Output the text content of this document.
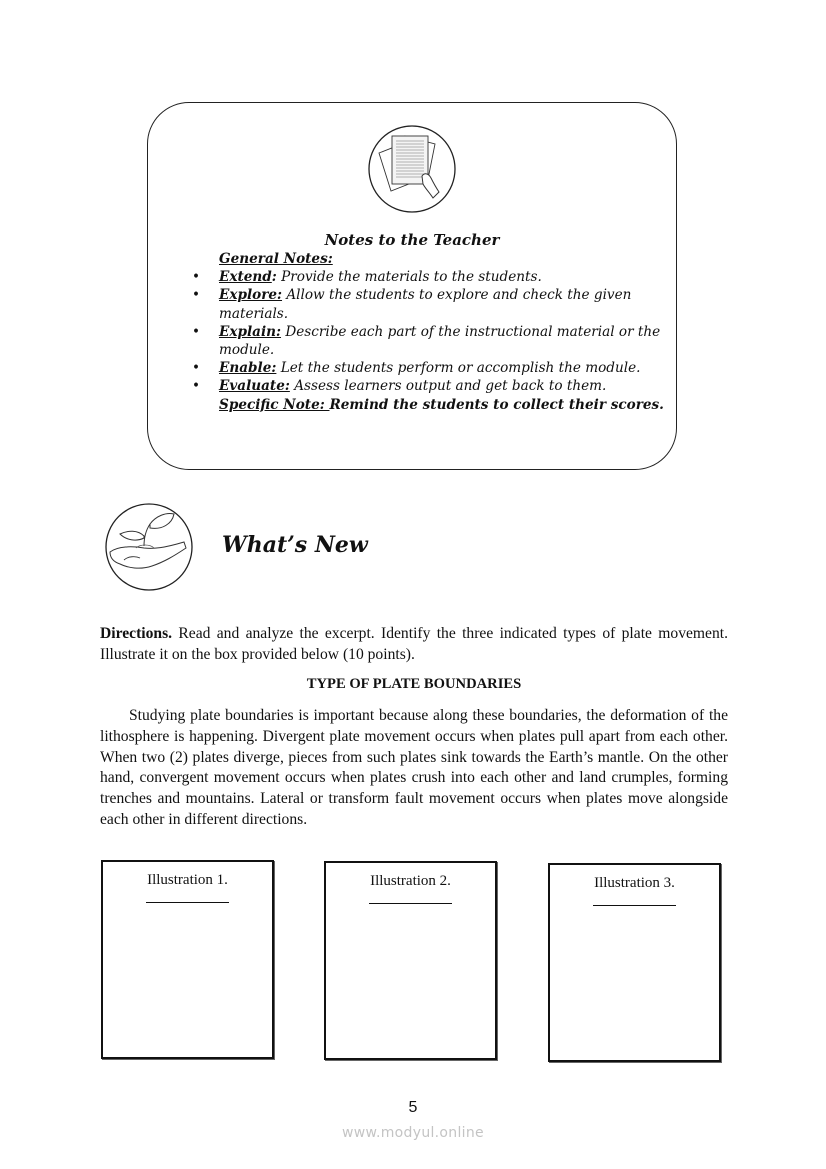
Notes to the Teacher
General Notes:
• Extend: Provide the materials to the students.
• Explore: Allow the students to explore and check the given materials.
• Explain: Describe each part of the instructional material or the module.
• Enable: Let the students perform or accomplish the module.
• Evaluate: Assess learners output and get back to them.
Specific Note: Remind the students to collect their scores.
What’s New
Directions. Read and analyze the excerpt. Identify the three indicated types of plate movement. Illustrate it on the box provided below (10 points).
TYPE OF PLATE BOUNDARIES
Studying plate boundaries is important because along these boundaries, the deformation of the lithosphere is happening. Divergent plate movement occurs when plates pull apart from each other. When two (2) plates diverge, pieces from such plates sink towards the Earth’s mantle. On the other hand, convergent movement occurs when plates crush into each other and land crumples, forming trenches and mountains. Lateral or transform fault movement occurs when plates move alongside each other in different directions.
Illustration 1.	Illustration 2.	Illustration 3.
5
www.modyul.online
